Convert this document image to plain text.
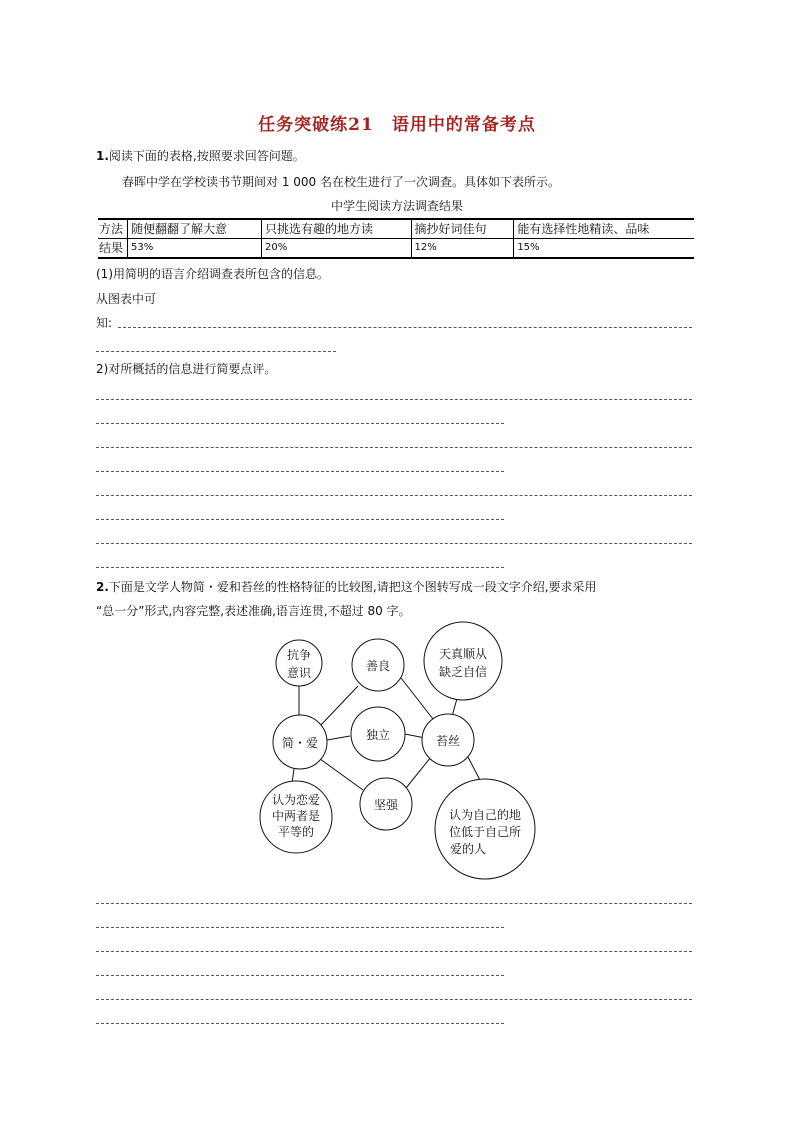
任务突破练21　语用中的常备考点
1.阅读下面的表格,按照要求回答问题。
春晖中学在学校读书节期间对 1 000 名在校生进行了一次调查。具体如下表所示。
中学生阅读方法调查结果
方法	随便翻翻了解大意	只挑选有趣的地方读	摘抄好词佳句	能有选择性地精读、品味
结果	53%	20%	12%	15%
(1)用简明的语言介绍调查表所包含的信息。
从图表中可
知:
2)对所概括的信息进行简要点评。
2.下面是文学人物简・爱和苔丝的性格特征的比较图,请把这个图转写成一段文字介绍,要求采用
“总一分”形式,内容完整,表述准确,语言连贯,不超过 80 字。
抗争
意识	善良
天真顺从
缺乏自信
简・爱
独立	苔丝
坚强
认为恋爱
中两者是
平等的
认为自己的地
位低于自己所
爱的人
